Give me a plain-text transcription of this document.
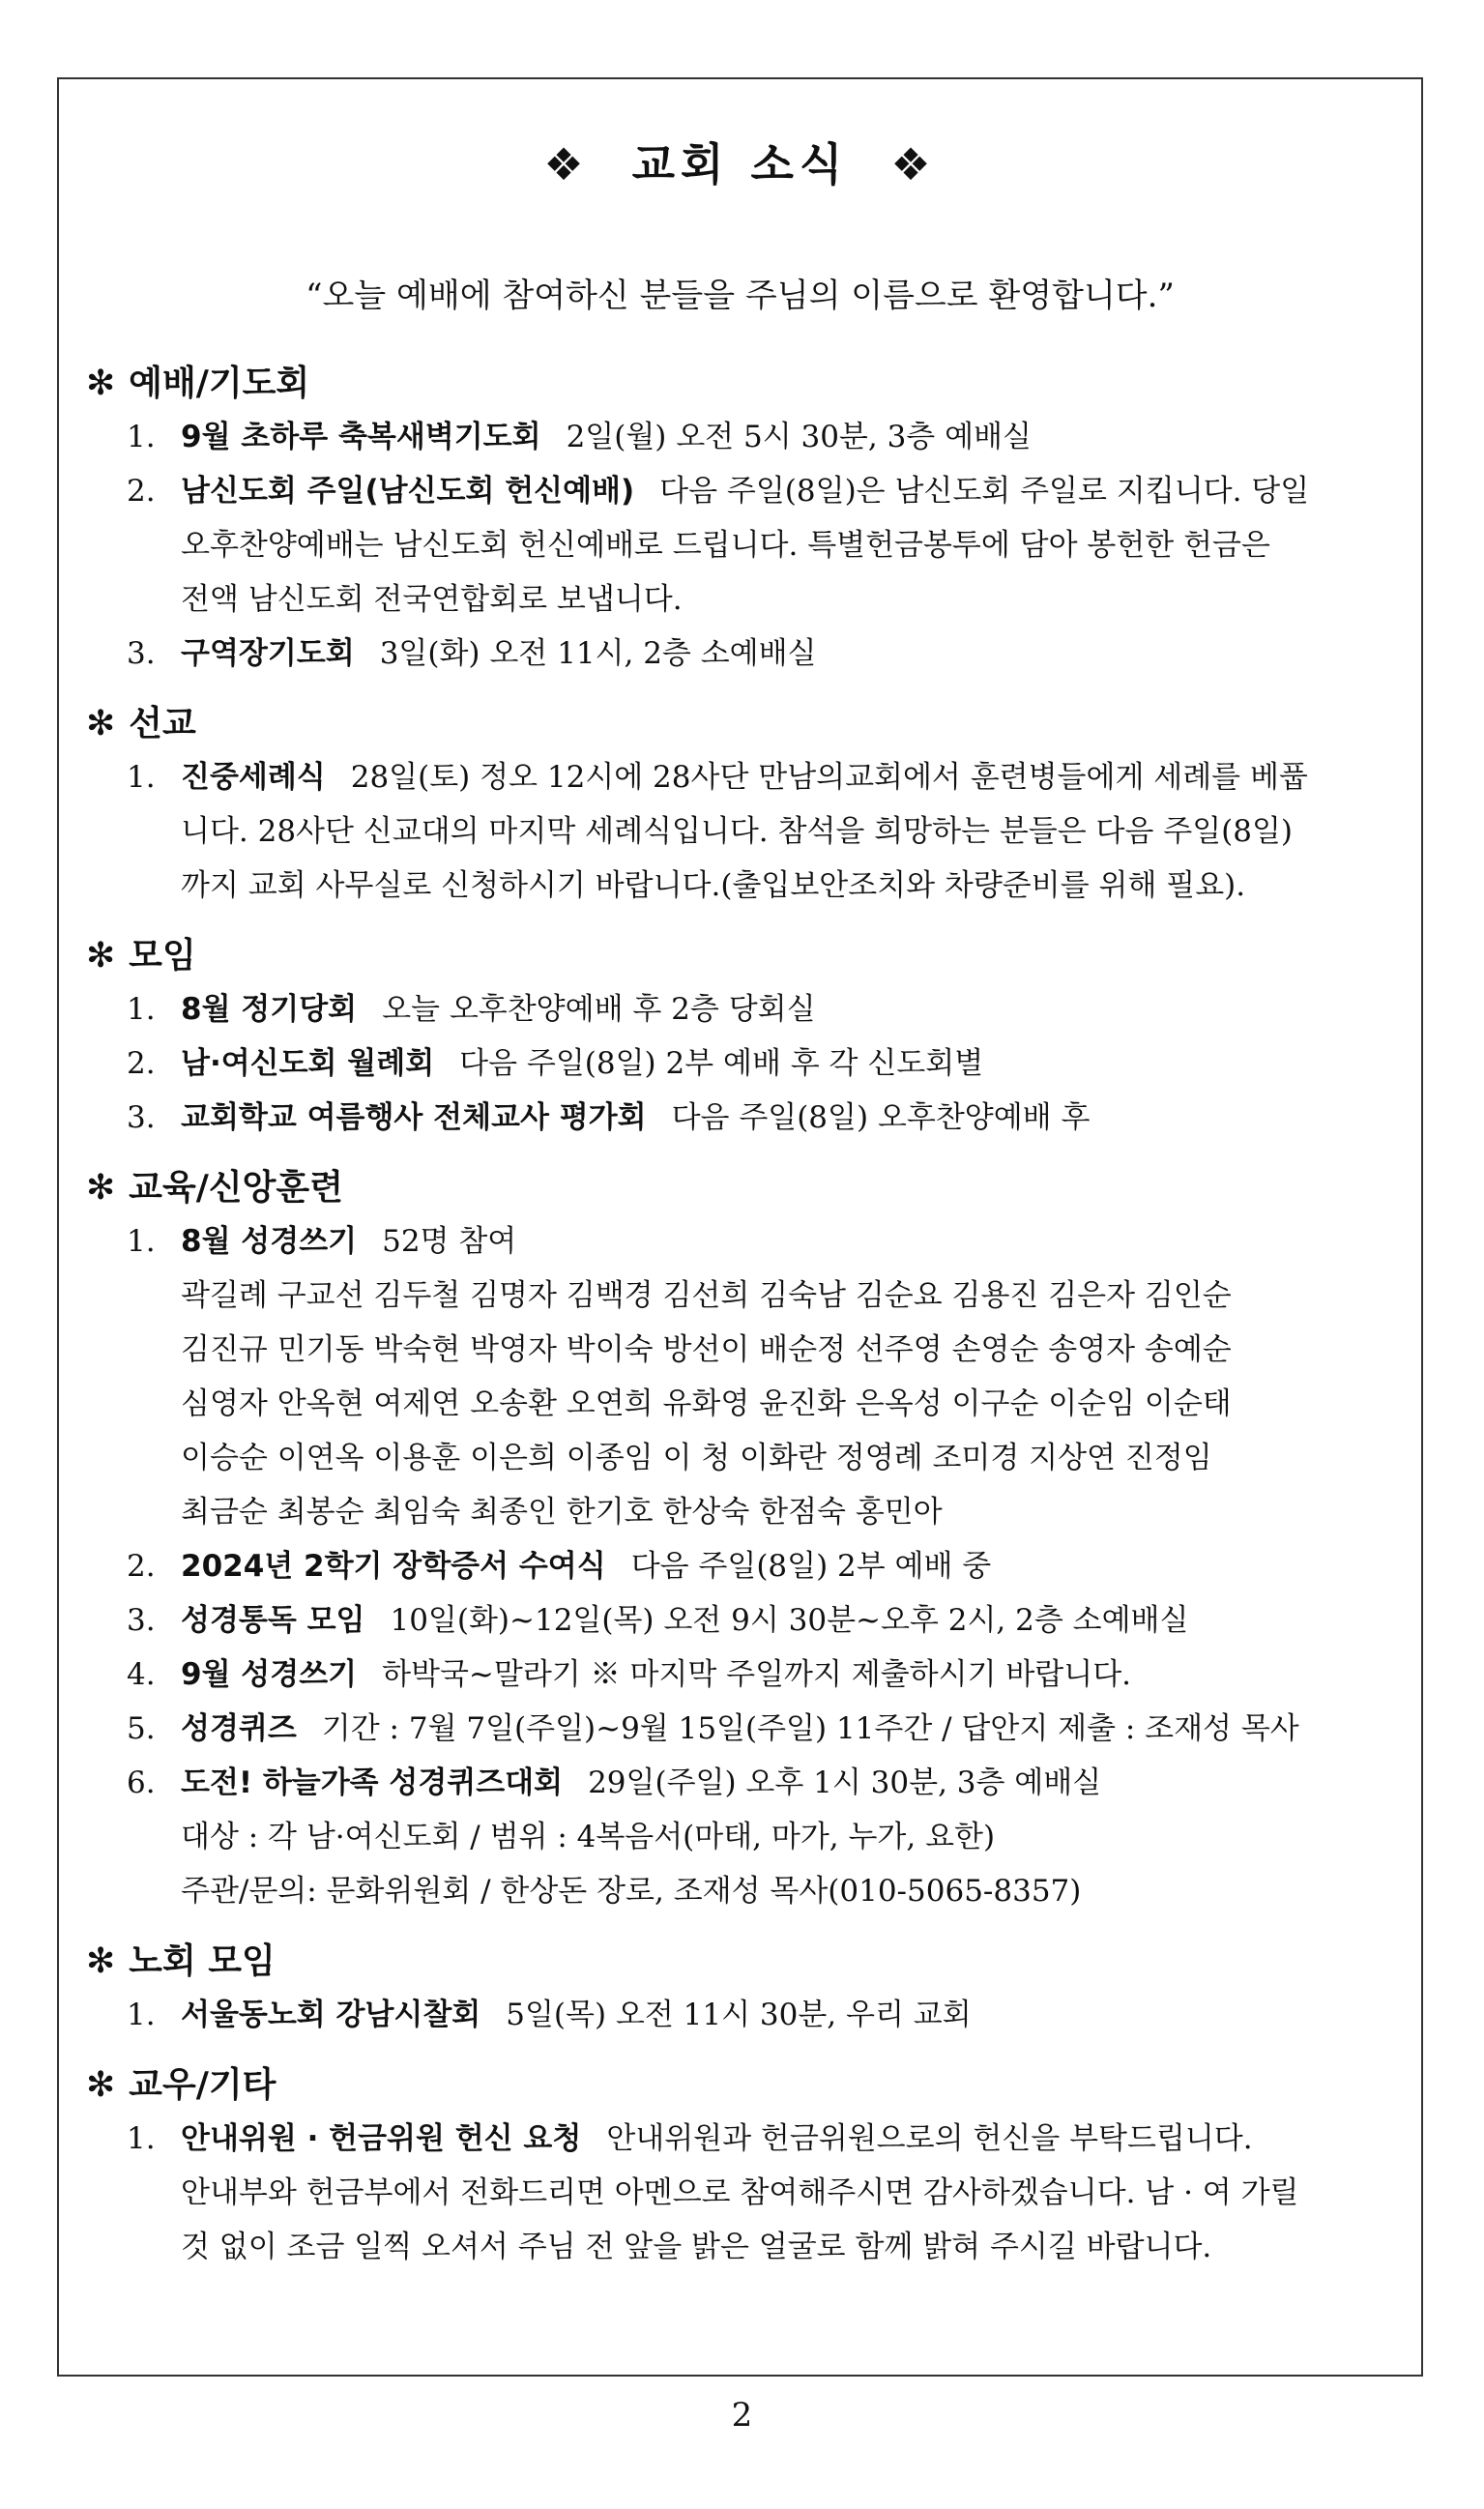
❖ 교회 소식 ❖
“오늘 예배에 참여하신 분들을 주님의 이름으로 환영합니다.”
✻ 예배/기도회
1. 9월 초하루 축복새벽기도회 2일(월) 오전 5시 30분, 3층 예배실
2. 남신도회 주일(남신도회 헌신예배) 다음 주일(8일)은 남신도회 주일로 지킵니다. 당일
오후찬양예배는 남신도회 헌신예배로 드립니다. 특별헌금봉투에 담아 봉헌한 헌금은
전액 남신도회 전국연합회로 보냅니다.
3. 구역장기도회 3일(화) 오전 11시, 2층 소예배실
✻ 선교
1. 진중세례식 28일(토) 정오 12시에 28사단 만남의교회에서 훈련병들에게 세례를 베풉
니다. 28사단 신교대의 마지막 세례식입니다. 참석을 희망하는 분들은 다음 주일(8일)
까지 교회 사무실로 신청하시기 바랍니다.(출입보안조치와 차량준비를 위해 필요).
✻ 모임
1. 8월 정기당회 오늘 오후찬양예배 후 2층 당회실
2. 남·여신도회 월례회 다음 주일(8일) 2부 예배 후 각 신도회별
3. 교회학교 여름행사 전체교사 평가회 다음 주일(8일) 오후찬양예배 후
✻ 교육/신앙훈련
1. 8월 성경쓰기 52명 참여
곽길례 구교선 김두철 김명자 김백경 김선희 김숙남 김순요 김용진 김은자 김인순
김진규 민기동 박숙현 박영자 박이숙 방선이 배순정 선주영 손영순 송영자 송예순
심영자 안옥현 여제연 오송환 오연희 유화영 윤진화 은옥성 이구순 이순임 이순태
이승순 이연옥 이용훈 이은희 이종임 이 청 이화란 정영례 조미경 지상연 진정임
최금순 최봉순 최임숙 최종인 한기호 한상숙 한점숙 홍민아
2. 2024년 2학기 장학증서 수여식 다음 주일(8일) 2부 예배 중
3. 성경통독 모임 10일(화)~12일(목) 오전 9시 30분~오후 2시, 2층 소예배실
4. 9월 성경쓰기 하박국~말라기 ※ 마지막 주일까지 제출하시기 바랍니다.
5. 성경퀴즈 기간 : 7월 7일(주일)~9월 15일(주일) 11주간 / 답안지 제출 : 조재성 목사
6. 도전! 하늘가족 성경퀴즈대회 29일(주일) 오후 1시 30분, 3층 예배실
대상 : 각 남·여신도회 / 범위 : 4복음서(마태, 마가, 누가, 요한)
주관/문의: 문화위원회 / 한상돈 장로, 조재성 목사(010-5065-8357)
✻ 노회 모임
1. 서울동노회 강남시찰회 5일(목) 오전 11시 30분, 우리 교회
✻ 교우/기타
1. 안내위원 · 헌금위원 헌신 요청 안내위원과 헌금위원으로의 헌신을 부탁드립니다.
안내부와 헌금부에서 전화드리면 아멘으로 참여해주시면 감사하겠습니다. 남 · 여 가릴
것 없이 조금 일찍 오셔서 주님 전 앞을 밝은 얼굴로 함께 밝혀 주시길 바랍니다.
2
